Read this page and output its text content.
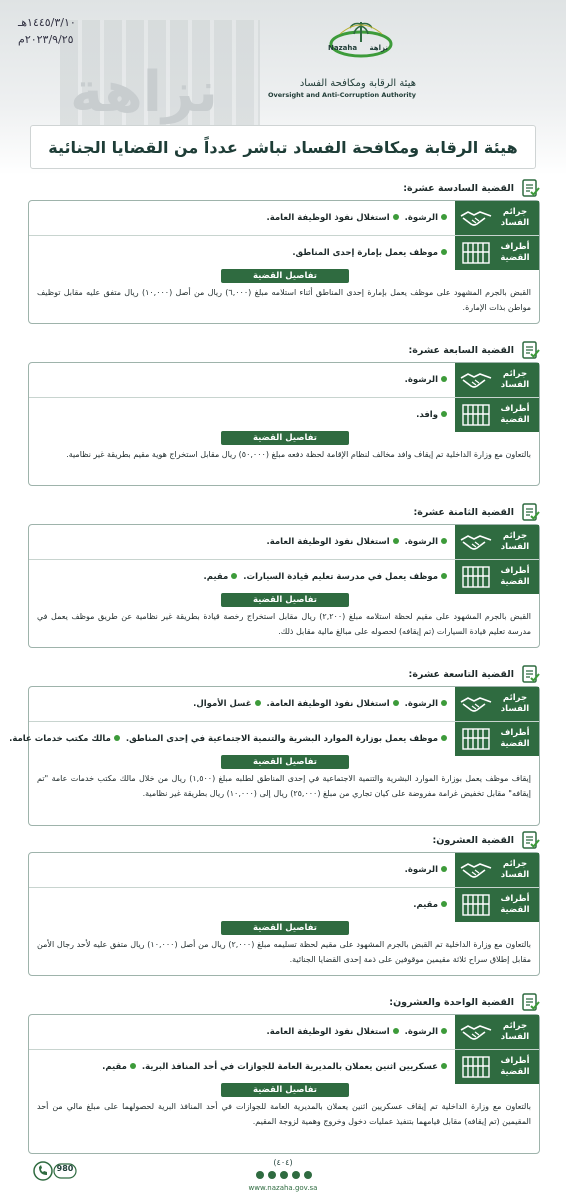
نزاهة
١٤٤٥/٣/١٠هـ
٢٠٢٣/٩/٢٥م
Nazaha نزاهة
هيئة الرقابة ومكافحة الفساد
Oversight and Anti-Corruption Authority
هيئة الرقابة ومكافحة الفساد تباشر عدداً من القضايا الجنائية
القضية السادسة عشرة:
جرائم الفساد
الرشوة.
استغلال نفوذ الوظيفة العامة.
أطراف القضية
موظف يعمل بإمارة إحدى المناطق.
تفاصيل القضية
القبض بالجرم المشهود على موظف يعمل بإمارة إحدى المناطق أثناء استلامه مبلغ (٦,٠٠٠) ريال من أصل (١٠,٠٠٠) ريال متفق عليه مقابل توظيف مواطن بذات الإمارة.
القضية السابعة عشرة:
جرائم الفساد
الرشوة.
أطراف القضية
وافد.
تفاصيل القضية
بالتعاون مع وزارة الداخلية تم إيقاف وافد مخالف لنظام الإقامة لحظة دفعه مبلغ (٥٠,٠٠٠) ريال مقابل استخراج هوية مقيم بطريقة غير نظامية.
القضية الثامنة عشرة:
جرائم الفساد
الرشوة.
استغلال نفوذ الوظيفة العامة.
أطراف القضية
موظف يعمل في مدرسة تعليم قيادة السيارات.
مقيم.
تفاصيل القضية
القبض بالجرم المشهود على مقيم لحظة استلامه مبلغ (٢,٢٠٠) ريال مقابل استخراج رخصة قيادة بطريقة غير نظامية عن طريق موظف يعمل في مدرسة تعليم قيادة السيارات (تم إيقافه) لحصوله على مبالغ مالية مقابل ذلك.
القضية التاسعة عشرة:
جرائم الفساد
الرشوة.
استغلال نفوذ الوظيفة العامة.
غسل الأموال.
أطراف القضية
موظف يعمل بوزارة الموارد البشرية والتنمية الاجتماعية في إحدى المناطق.
مالك مكتب خدمات عامة.
تفاصيل القضية
إيقاف موظف يعمل بوزارة الموارد البشرية والتنمية الاجتماعية في إحدى المناطق لطلبه مبلغ (١,٥٠٠) ريال من خلال مالك مكتب خدمات عامة "تم إيقافه" مقابل تخفيض غرامة مفروضة على كيان تجاري من مبلغ (٢٥,٠٠٠) ريال إلى (١٠,٠٠٠) ريال بطريقة غير نظامية.
القضية العشرون:
جرائم الفساد
الرشوة.
أطراف القضية
مقيم.
تفاصيل القضية
بالتعاون مع وزارة الداخلية تم القبض بالجرم المشهود على مقيم لحظة تسليمه مبلغ (٢,٠٠٠) ريال من أصل (١٠,٠٠٠) ريال متفق عليه لأحد رجال الأمن مقابل إطلاق سراح ثلاثة مقيمين موقوفين على ذمة إحدى القضايا الجنائية.
القضية الواحدة والعشرون:
جرائم الفساد
الرشوة.
استغلال نفوذ الوظيفة العامة.
أطراف القضية
عسكريين اثنين يعملان بالمديرية العامة للجوازات في أحد المنافذ البرية.
مقيم.
تفاصيل القضية
بالتعاون مع وزارة الداخلية تم إيقاف عسكريين اثنين يعملان بالمديرية العامة للجوازات في أحد المنافذ البرية لحصولهما على مبلغ مالي من أحد المقيمين (تم إيقافه) مقابل قيامهما بتنفيذ عمليات دخول وخروج وهمية لزوجة المقيم.
980
(٤٠٤)
www.nazaha.gov.sa
